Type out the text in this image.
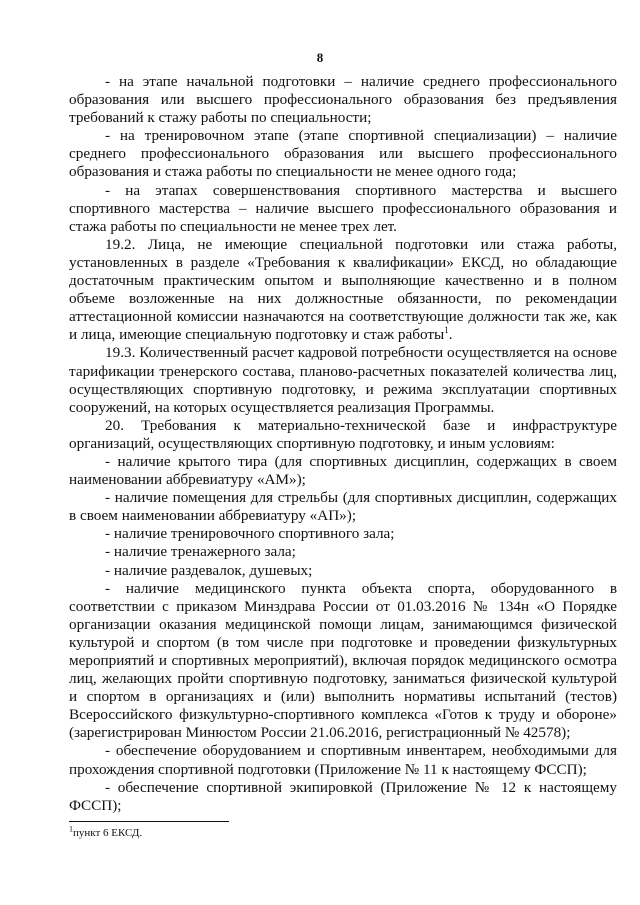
8

- на этапе начальной подготовки – наличие среднего профессионального образования или высшего профессионального образования без предъявления требований к стажу работы по специальности;

- на тренировочном этапе (этапе спортивной специализации) – наличие среднего профессионального образования или высшего профессионального образования и стажа работы по специальности не менее одного года;

- на этапах совершенствования спортивного мастерства и высшего спортивного мастерства – наличие высшего профессионального образования и стажа работы по специальности не менее трех лет.

19.2. Лица, не имеющие специальной подготовки или стажа работы, установленных в разделе «Требования к квалификации» ЕКСД, но обладающие достаточным практическим опытом и выполняющие качественно и в полном объеме возложенные на них должностные обязанности, по рекомендации аттестационной комиссии назначаются на соответствующие должности так же, как и лица, имеющие специальную подготовку и стаж работы$^1$.

19.3. Количественный расчет кадровой потребности осуществляется на основе тарификации тренерского состава, планово-расчетных показателей количества лиц, осуществляющих спортивную подготовку, и режима эксплуатации спортивных сооружений, на которых осуществляется реализация Программы.

20. Требования к материально-технической базе и инфраструктуре организаций, осуществляющих спортивную подготовку, и иным условиям:

- наличие крытого тира (для спортивных дисциплин, содержащих в своем наименовании аббревиатуру «АМ»);

- наличие помещения для стрельбы (для спортивных дисциплин, содержащих в своем наименовании аббревиатуру «АП»);

- наличие тренировочного спортивного зала;

- наличие тренажерного зала;

- наличие раздевалок, душевых;

- наличие медицинского пункта объекта спорта, оборудованного в соответствии с приказом Минздрава России от 01.03.2016 № 134н «О Порядке организации оказания медицинской помощи лицам, занимающимся физической культурой и спортом (в том числе при подготовке и проведении физкультурных мероприятий и спортивных мероприятий), включая порядок медицинского осмотра лиц, желающих пройти спортивную подготовку, заниматься физической культурой и спортом в организациях и (или) выполнить нормативы испытаний (тестов) Всероссийского физкультурно-спортивного комплекса «Готов к труду и обороне» (зарегистрирован Минюстом России 21.06.2016, регистрационный № 42578);

- обеспечение оборудованием и спортивным инвентарем, необходимыми для прохождения спортивной подготовки (Приложение № 11 к настоящему ФССП);

- обеспечение спортивной экипировкой (Приложение № 12 к настоящему ФССП);

$^1$пункт 6 ЕКСД.
